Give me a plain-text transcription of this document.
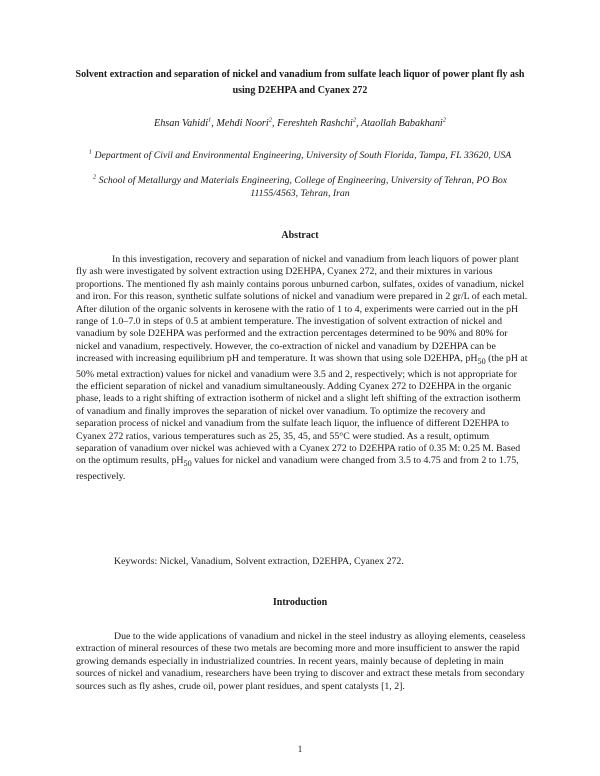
Solvent extraction and separation of nickel and vanadium from sulfate leach liquor of power plant fly ash using D2EHPA and Cyanex 272
Ehsan Vahidi$^1$, Mehdi Noori$^2$, Fereshteh Rashchi$^2$, Ataollah Babakhani$^2$
$^1$ Department of Civil and Environmental Engineering, University of South Florida, Tampa, FL 33620, USA
$^2$ School of Metallurgy and Materials Engineering, College of Engineering, University of Tehran, PO Box 11155/4563, Tehran, Iran
Abstract

In this investigation, recovery and separation of nickel and vanadium from leach liquors of power plant fly ash were investigated by solvent extraction using D2EHPA, Cyanex 272, and their mixtures in various proportions. The mentioned fly ash mainly contains porous unburned carbon, sulfates, oxides of vanadium, nickel and iron. For this reason, synthetic sulfate solutions of nickel and vanadium were prepared in 2 gr/L of each metal. After dilution of the organic solvents in kerosene with the ratio of 1 to 4, experiments were carried out in the pH range of 1.0–7.0 in steps of 0.5 at ambient temperature. The investigation of solvent extraction of nickel and vanadium by sole D2EHPA was performed and the extraction percentages determined to be 90% and 80% for nickel and vanadium, respectively. However, the co-extraction of nickel and vanadium by D2EHPA can be increased with increasing equilibrium pH and temperature. It was shown that using sole D2EHPA, $pH_{50}$ (the pH at 50% metal extraction) values for nickel and vanadium were 3.5 and 2, respectively; which is not appropriate for the efficient separation of nickel and vanadium simultaneously. Adding Cyanex 272 to D2EHPA in the organic phase, leads to a right shifting of extraction isotherm of nickel and a slight left shifting of the extraction isotherm of vanadium and finally improves the separation of nickel over vanadium. To optimize the recovery and separation process of nickel and vanadium from the sulfate leach liquor, the influence of different D2EHPA to Cyanex 272 ratios, various temperatures such as 25, 35, 45, and 55°C were studied. As a result, optimum separation of vanadium over nickel was achieved with a Cyanex 272 to D2EHPA ratio of 0.35 M: 0.25 M. Based on the optimum results, $pH_{50}$ values for nickel and vanadium were changed from 3.5 to 4.75 and from 2 to 1.75, respectively.

Keywords: Nickel, Vanadium, Solvent extraction, D2EHPA, Cyanex 272.
Introduction

Due to the wide applications of vanadium and nickel in the steel industry as alloying elements, ceaseless extraction of mineral resources of these two metals are becoming more and more insufficient to answer the rapid growing demands especially in industrialized countries. In recent years, mainly because of depleting in main sources of nickel and vanadium, researchers have been trying to discover and extract these metals from secondary sources such as fly ashes, crude oil, power plant residues, and spent catalysts [1, 2].

1
